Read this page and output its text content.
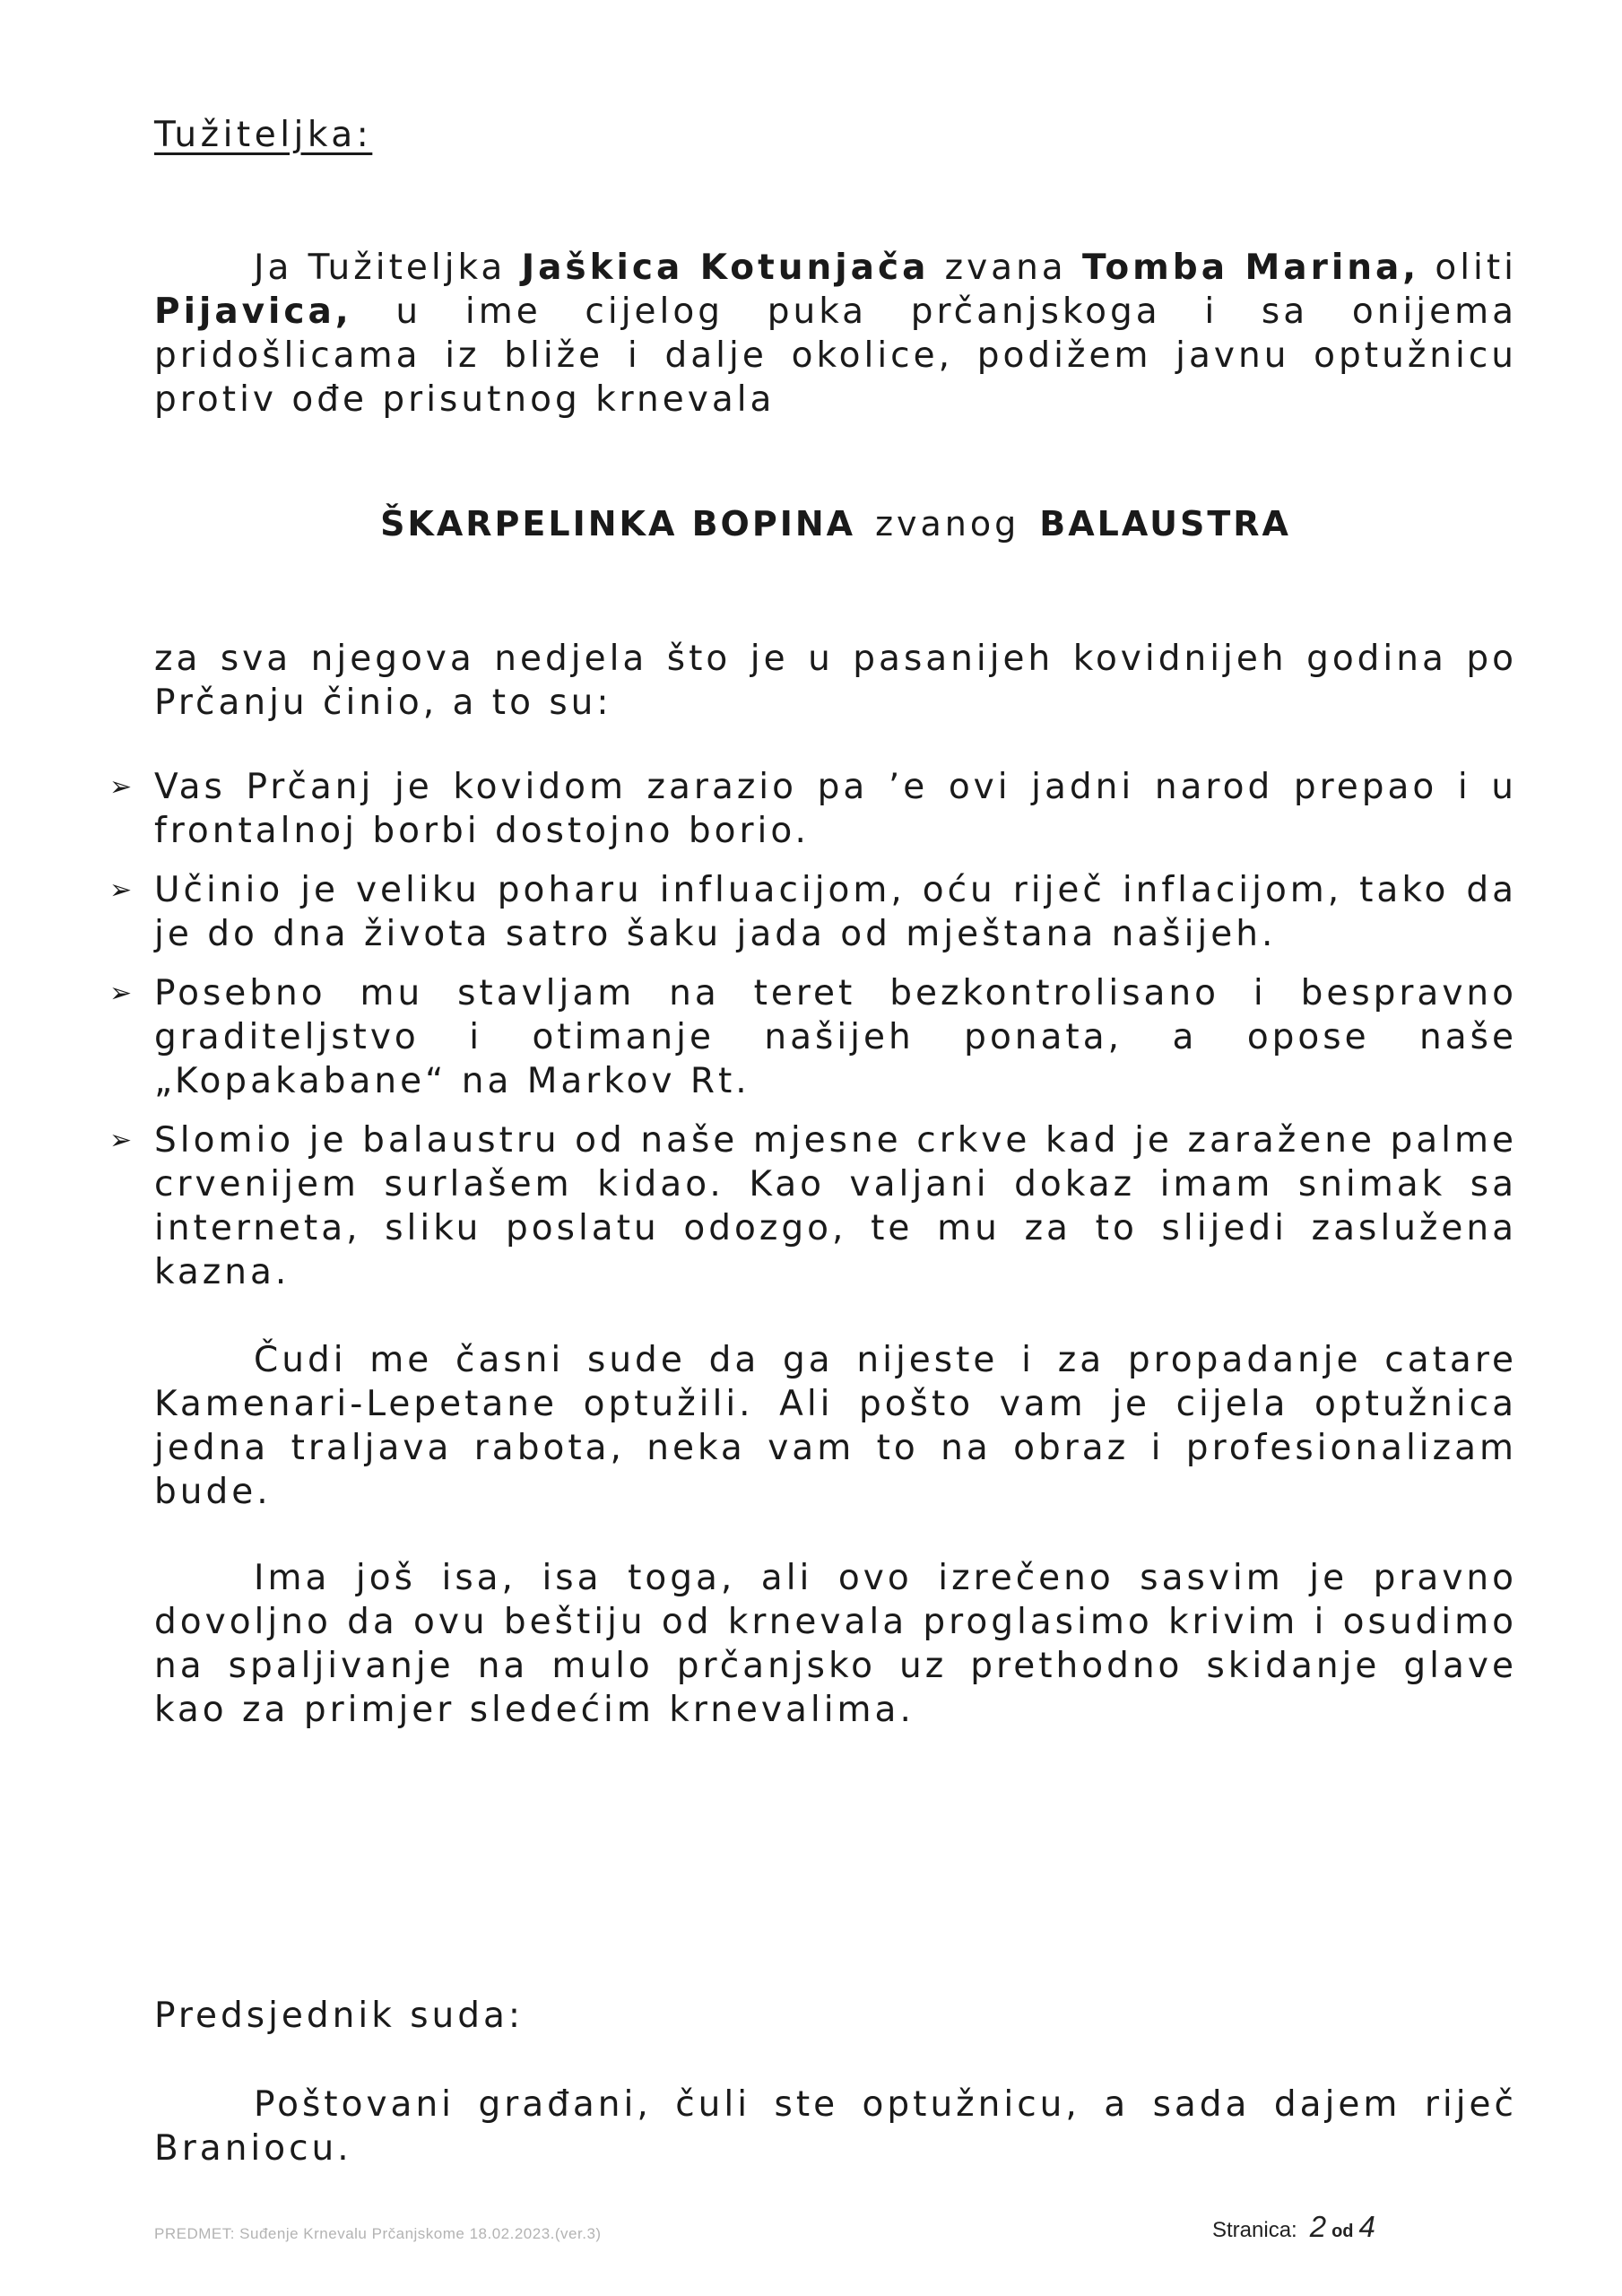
Tužiteljka:

Ja Tužiteljka Jaškica Kotunjača zvana Tomba Marina, oliti Pijavica, u ime cijelog puka prčanjskoga i sa onijema pridošlicama iz bliže i dalje okolice, podižem javnu optužnicu protiv ođe prisutnog krnevala

ŠKARPELINKA BOPINA zvanog BALAUSTRA

za sva njegova nedjela što je u pasanijeh kovidnijeh godina po Prčanju činio, a to su:

➢ Vas Prčanj je kovidom zarazio pa ’e ovi jadni narod prepao i u frontalnoj borbi dostojno borio.
➢ Učinio je veliku poharu influacijom, oću riječ inflacijom, tako da je do dna života satro šaku jada od mještana našijeh.
➢ Posebno mu stavljam na teret bezkontrolisano i bespravno graditeljstvo i otimanje našijeh ponata, a opose naše „Kopakabane“ na Markov Rt.
➢ Slomio je balaustru od naše mjesne crkve kad je zaražene palme crvenijem surlašem kidao. Kao valjani dokaz imam snimak sa interneta, sliku poslatu odozgo, te mu za to slijedi zaslužena kazna.

Čudi me časni sude da ga nijeste i za propadanje catare Kamenari-Lepetane optužili. Ali pošto vam je cijela optužnica jedna traljava rabota, neka vam to na obraz i profesionalizam bude.

Ima još isa, isa toga, ali ovo izrečeno sasvim je pravno dovoljno da ovu beštiju od krnevala proglasimo krivim i osudimo na spaljivanje na mulo prčanjsko uz prethodno skidanje glave kao za primjer sledećim krnevalima.

Predsjednik suda:

Poštovani građani, čuli ste optužnicu, a sada dajem riječ Braniocu.

PREDMET: Suđenje Krnevalu Prčanjskome 18.02.2023.(ver.3)	Stranica: 2 od 4
